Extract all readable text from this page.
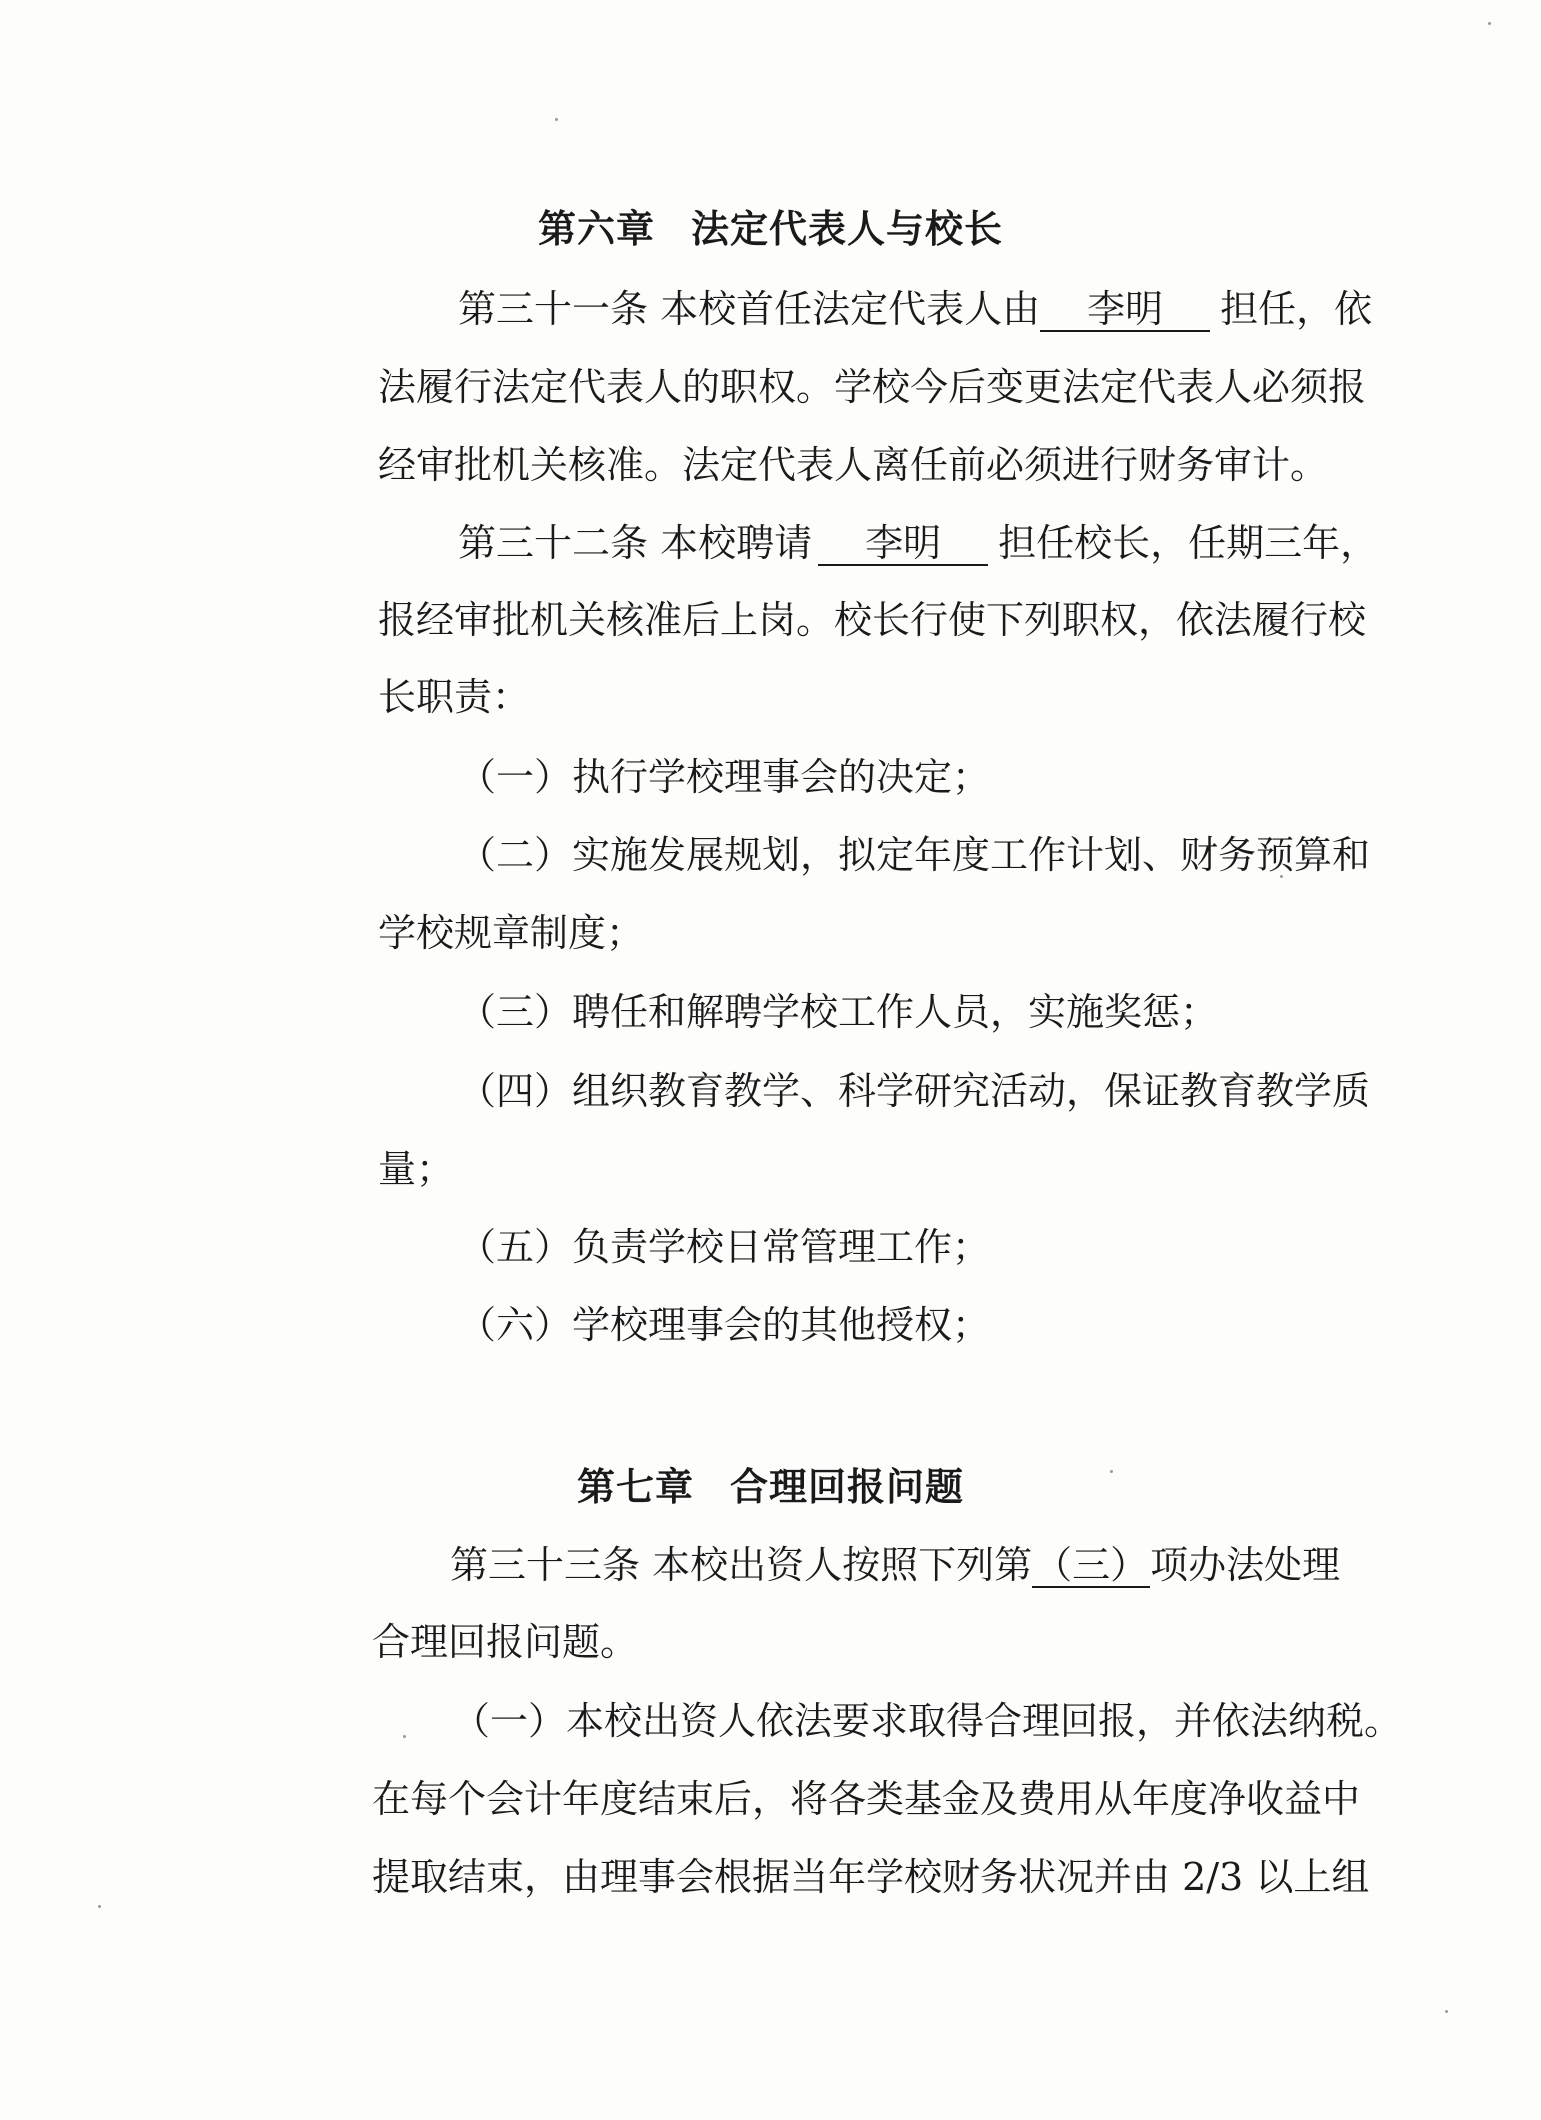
第六章 法定代表人与校长
第三十一条 本校首任法定代表人由 李明 担任，依
法履行法定代表人的职权。学校今后变更法定代表人必须报
经审批机关核准。法定代表人离任前必须进行财务审计。
第三十二条 本校聘请 李明 担任校长，任期三年，
报经审批机关核准后上岗。校长行使下列职权，依法履行校
长职责：
（一）执行学校理事会的决定；
（二）实施发展规划，拟定年度工作计划、财务预算和
学校规章制度；
（三）聘任和解聘学校工作人员，实施奖惩；
（四）组织教育教学、科学研究活动，保证教育教学质
量；
（五）负责学校日常管理工作；
（六）学校理事会的其他授权；
第七章 合理回报问题
第三十三条 本校出资人按照下列第（三）项办法处理
合理回报问题。
（一）本校出资人依法要求取得合理回报，并依法纳税。
在每个会计年度结束后，将各类基金及费用从年度净收益中
提取结束，由理事会根据当年学校财务状况并由 2/3 以上组
